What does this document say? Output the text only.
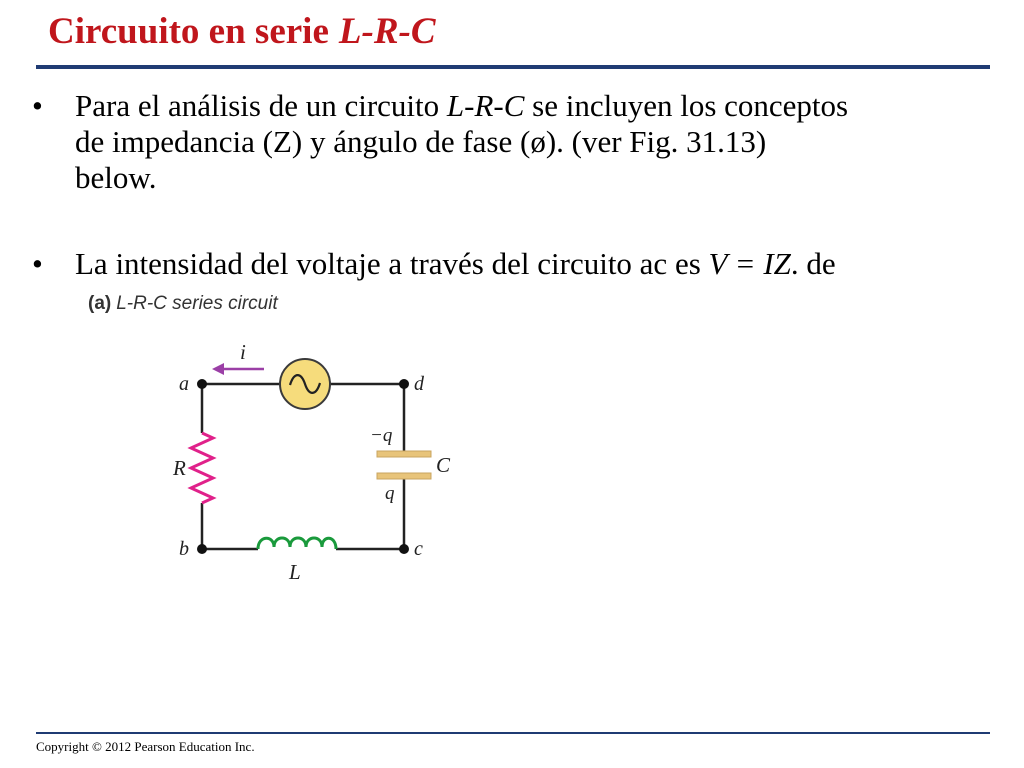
Circuuito en serie L-R-C
• Para el análisis de un circuito L-R-C se incluyen los conceptos
de impedancia (Z) y ángulo de fase (ø). (ver Fig. 31.13)
below.
• La intensidad del voltaje a través del circuito ac es V = IZ. de
(a) L-R-C series circuit
i
R	C
−q
q
L
a	d
b	c
Copyright © 2012 Pearson Education Inc.
